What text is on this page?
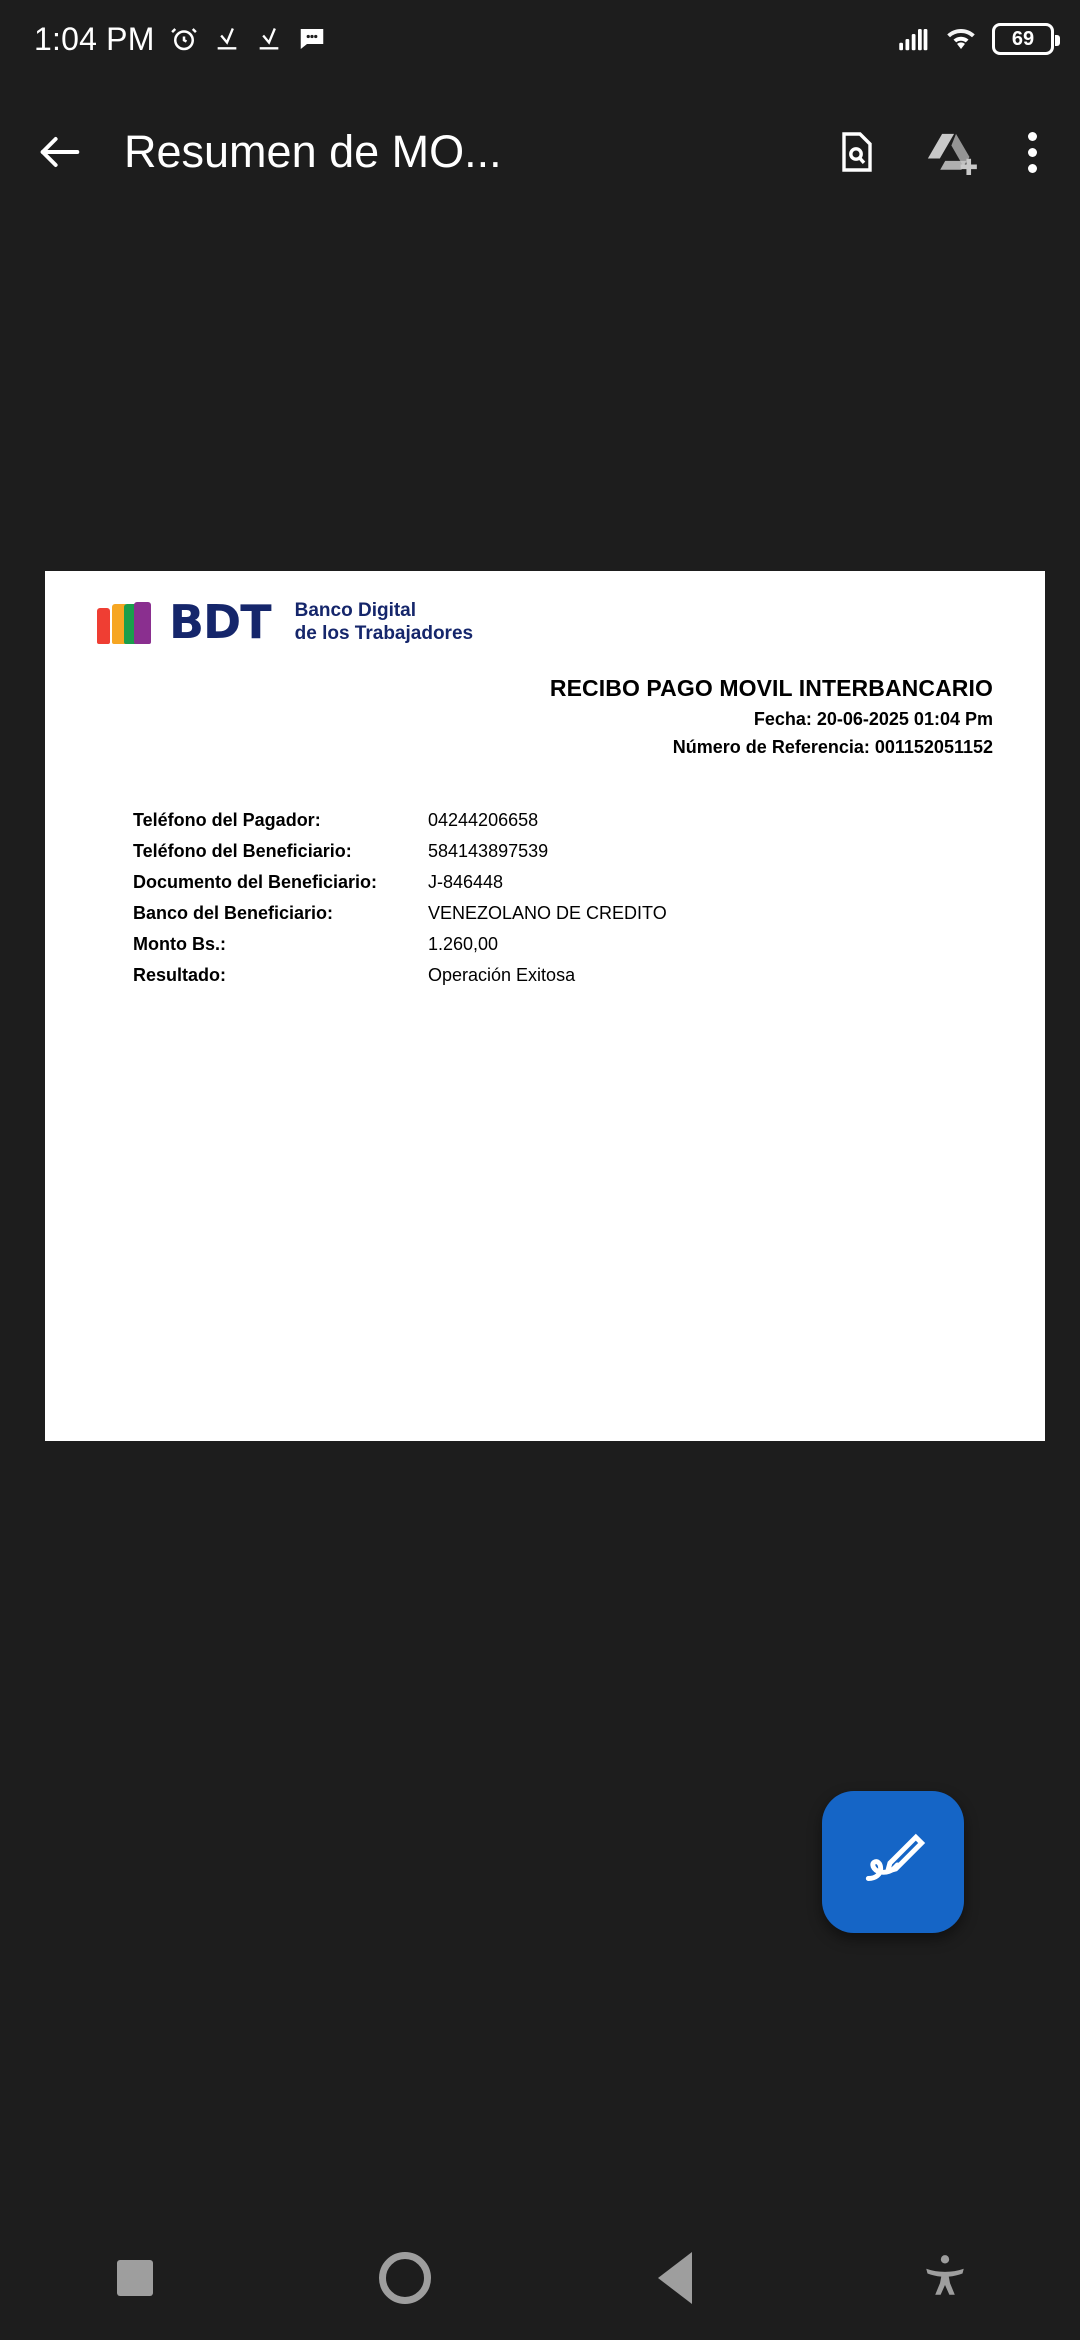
1:04 PM	69
Resumen de MO...
BDT Banco Digital
de los Trabajadores
RECIBO PAGO MOVIL INTERBANCARIO
Fecha: 20-06-2025 01:04 Pm
Número de Referencia: 001152051152
Teléfono del Pagador:	04244206658
Teléfono del Beneficiario:	584143897539
Documento del Beneficiario:	J-846448
Banco del Beneficiario:	VENEZOLANO DE CREDITO
Monto Bs.:	1.260,00
Resultado:	Operación Exitosa
